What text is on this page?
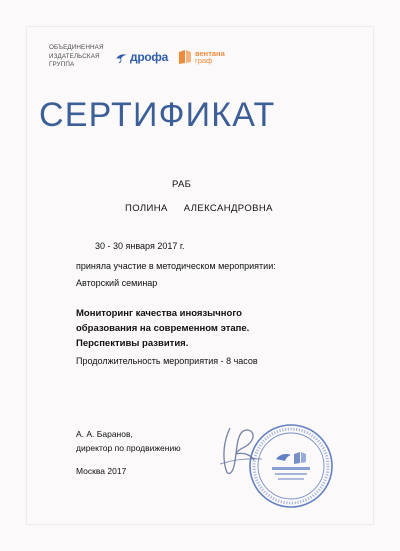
ОБЪЕДИНЕННАЯ
ИЗДАТЕЛЬСКАЯ
ГРУППА
дрофа	вентана
граф
СЕРТИФИКАТ
РАБ
ПОЛИНА АЛЕКСАНДРОВНА
30 - 30 января 2017 г.
приняла участие в методическом мероприятии:
Авторский семинар
Мониторинг качества иноязычного
образования на современном этапе.
Перспективы развития.
Продолжительность мероприятия - 8 часов
А. А. Баранов,
директор по продвижению
Москва 2017
